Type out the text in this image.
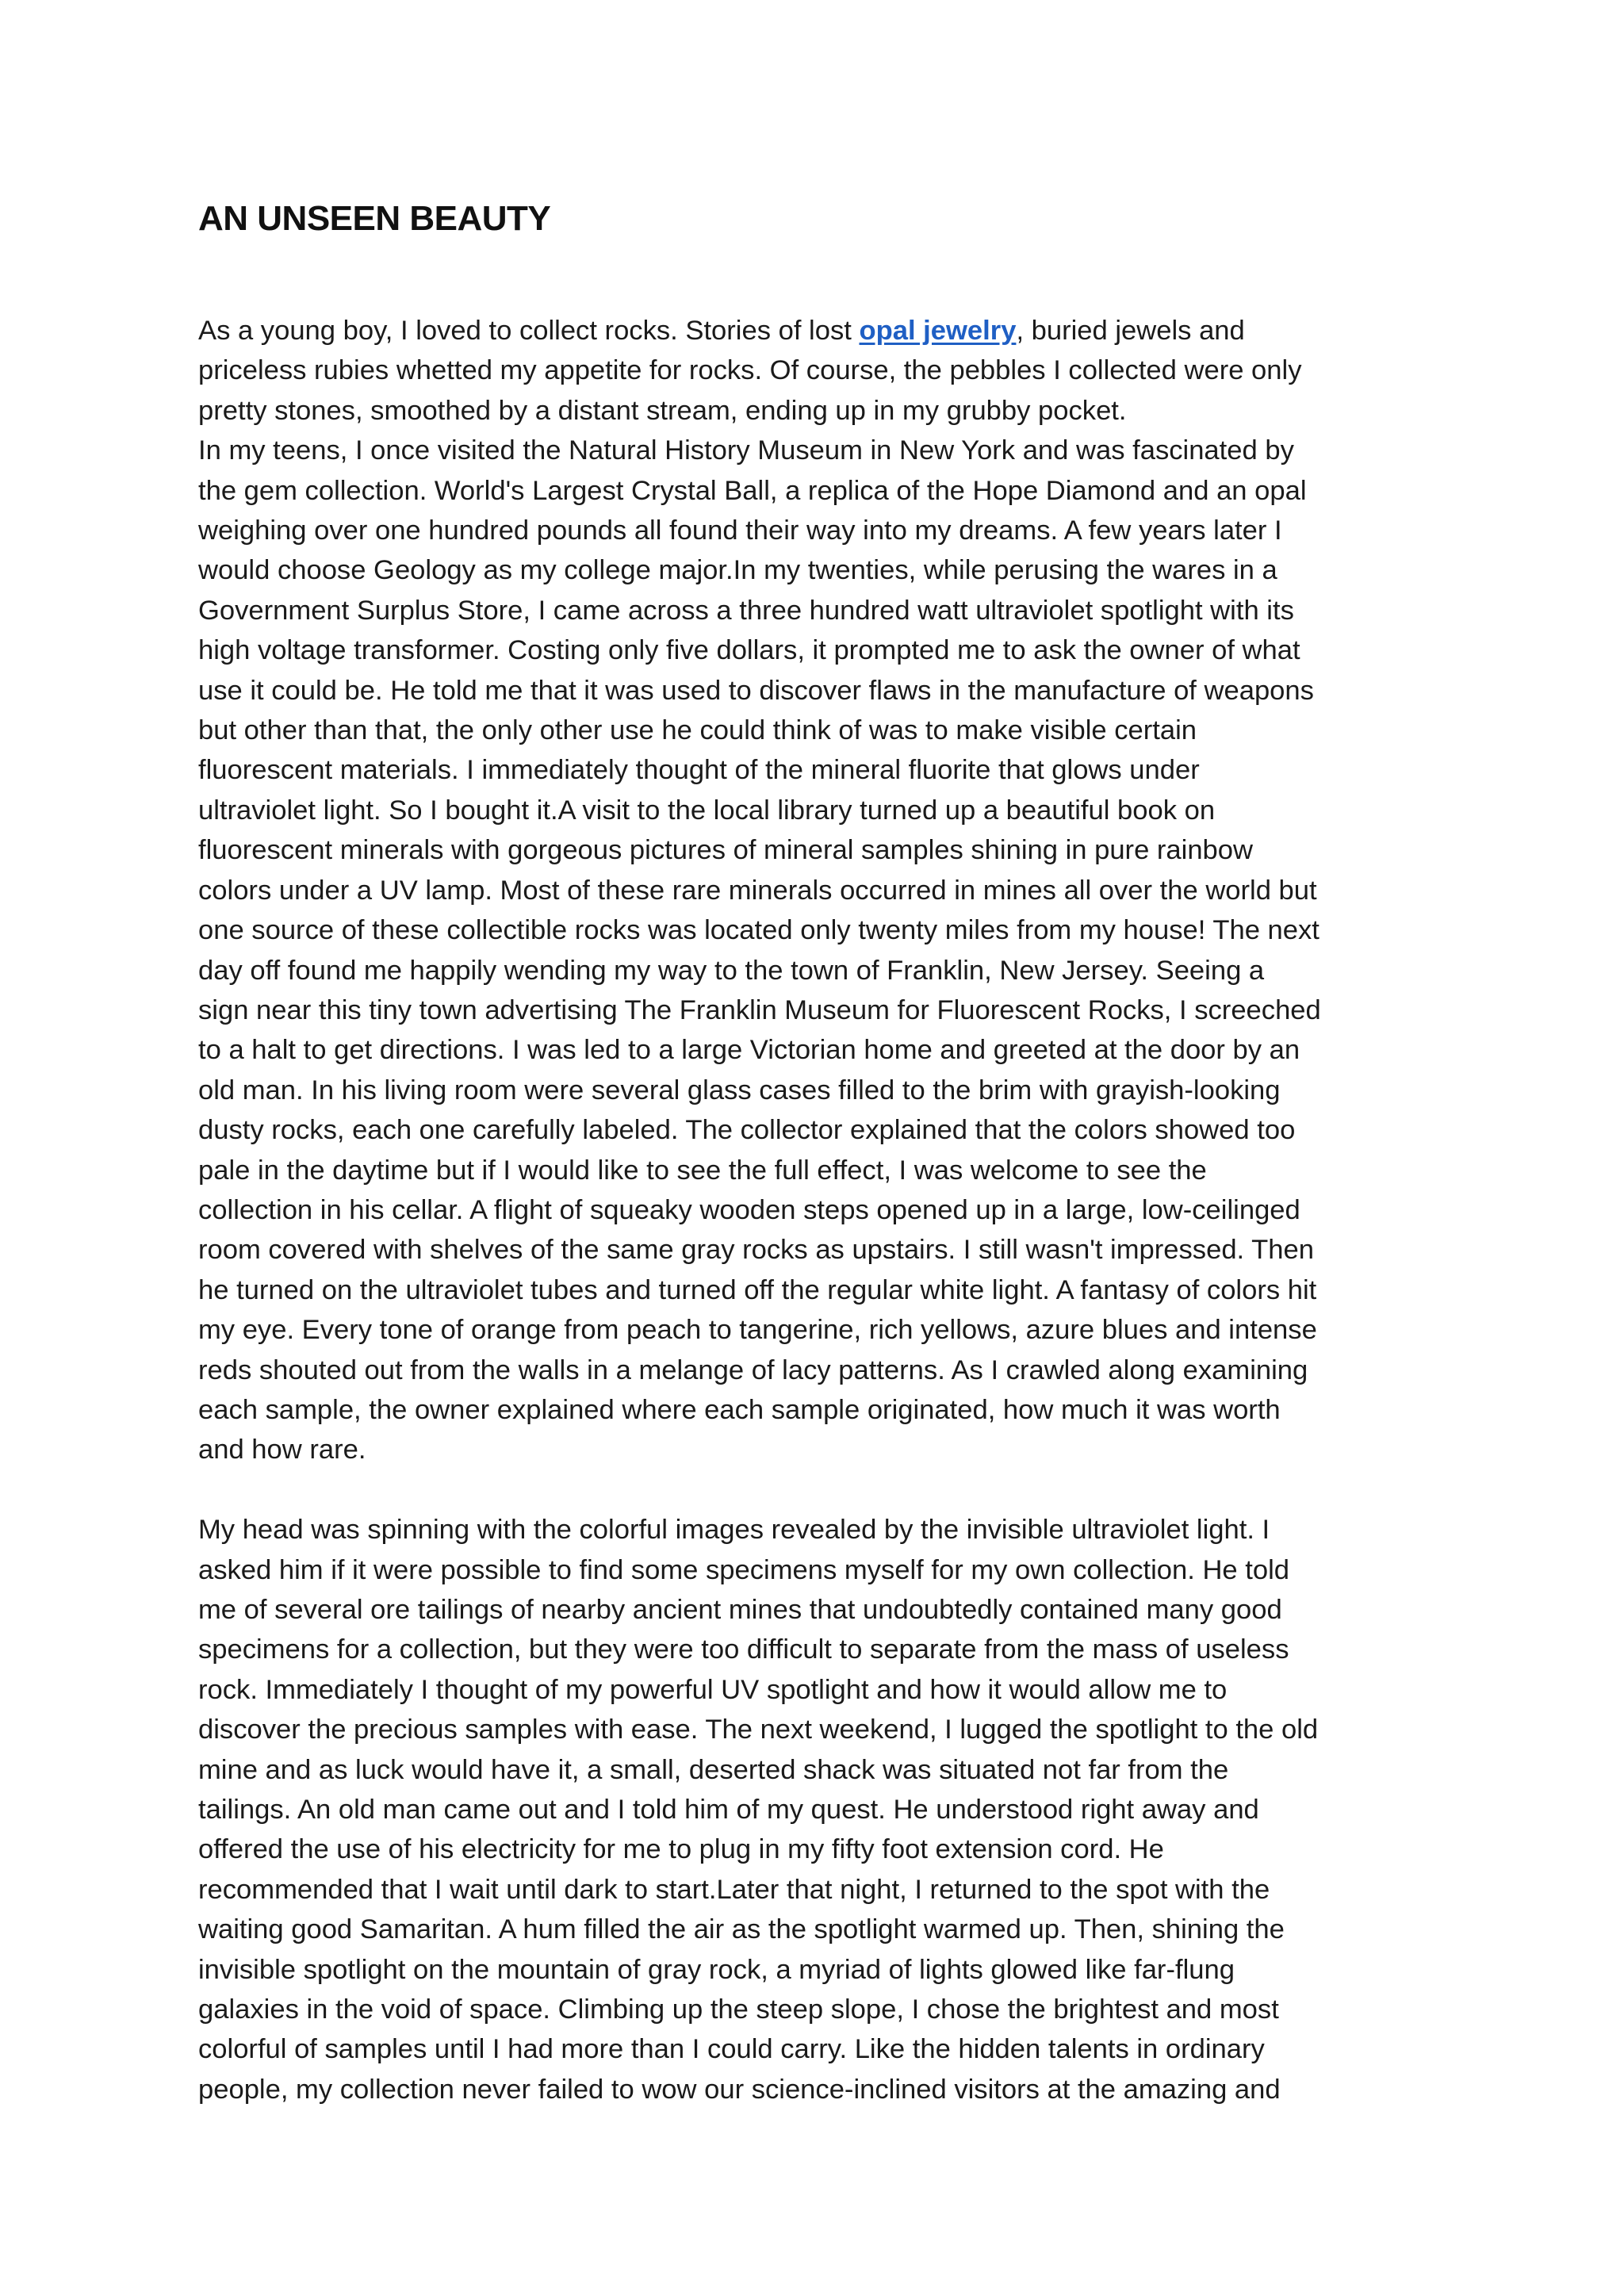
AN UNSEEN BEAUTY

As a young boy, I loved to collect rocks. Stories of lost opal jewelry, buried jewels and
priceless rubies whetted my appetite for rocks. Of course, the pebbles I collected were only
pretty stones, smoothed by a distant stream, ending up in my grubby pocket.

In my teens, I once visited the Natural History Museum in New York and was fascinated by
the gem collection. World's Largest Crystal Ball, a replica of the Hope Diamond and an opal
weighing over one hundred pounds all found their way into my dreams. A few years later I
would choose Geology as my college major.In my twenties, while perusing the wares in a
Government Surplus Store, I came across a three hundred watt ultraviolet spotlight with its
high voltage transformer. Costing only five dollars, it prompted me to ask the owner of what
use it could be. He told me that it was used to discover flaws in the manufacture of weapons
but other than that, the only other use he could think of was to make visible certain
fluorescent materials. I immediately thought of the mineral fluorite that glows under
ultraviolet light. So I bought it.A visit to the local library turned up a beautiful book on
fluorescent minerals with gorgeous pictures of mineral samples shining in pure rainbow
colors under a UV lamp. Most of these rare minerals occurred in mines all over the world but
one source of these collectible rocks was located only twenty miles from my house! The next
day off found me happily wending my way to the town of Franklin, New Jersey. Seeing a
sign near this tiny town advertising The Franklin Museum for Fluorescent Rocks, I screeched
to a halt to get directions. I was led to a large Victorian home and greeted at the door by an
old man. In his living room were several glass cases filled to the brim with grayish-looking
dusty rocks, each one carefully labeled. The collector explained that the colors showed too
pale in the daytime but if I would like to see the full effect, I was welcome to see the
collection in his cellar. A flight of squeaky wooden steps opened up in a large, low-ceilinged
room covered with shelves of the same gray rocks as upstairs. I still wasn't impressed. Then
he turned on the ultraviolet tubes and turned off the regular white light. A fantasy of colors hit
my eye. Every tone of orange from peach to tangerine, rich yellows, azure blues and intense
reds shouted out from the walls in a melange of lacy patterns. As I crawled along examining
each sample, the owner explained where each sample originated, how much it was worth
and how rare.

My head was spinning with the colorful images revealed by the invisible ultraviolet light. I
asked him if it were possible to find some specimens myself for my own collection. He told
me of several ore tailings of nearby ancient mines that undoubtedly contained many good
specimens for a collection, but they were too difficult to separate from the mass of useless
rock. Immediately I thought of my powerful UV spotlight and how it would allow me to
discover the precious samples with ease. The next weekend, I lugged the spotlight to the old
mine and as luck would have it, a small, deserted shack was situated not far from the
tailings. An old man came out and I told him of my quest. He understood right away and
offered the use of his electricity for me to plug in my fifty foot extension cord. He
recommended that I wait until dark to start.Later that night, I returned to the spot with the
waiting good Samaritan. A hum filled the air as the spotlight warmed up. Then, shining the
invisible spotlight on the mountain of gray rock, a myriad of lights glowed like far-flung
galaxies in the void of space. Climbing up the steep slope, I chose the brightest and most
colorful of samples until I had more than I could carry. Like the hidden talents in ordinary
people, my collection never failed to wow our science-inclined visitors at the amazing and
